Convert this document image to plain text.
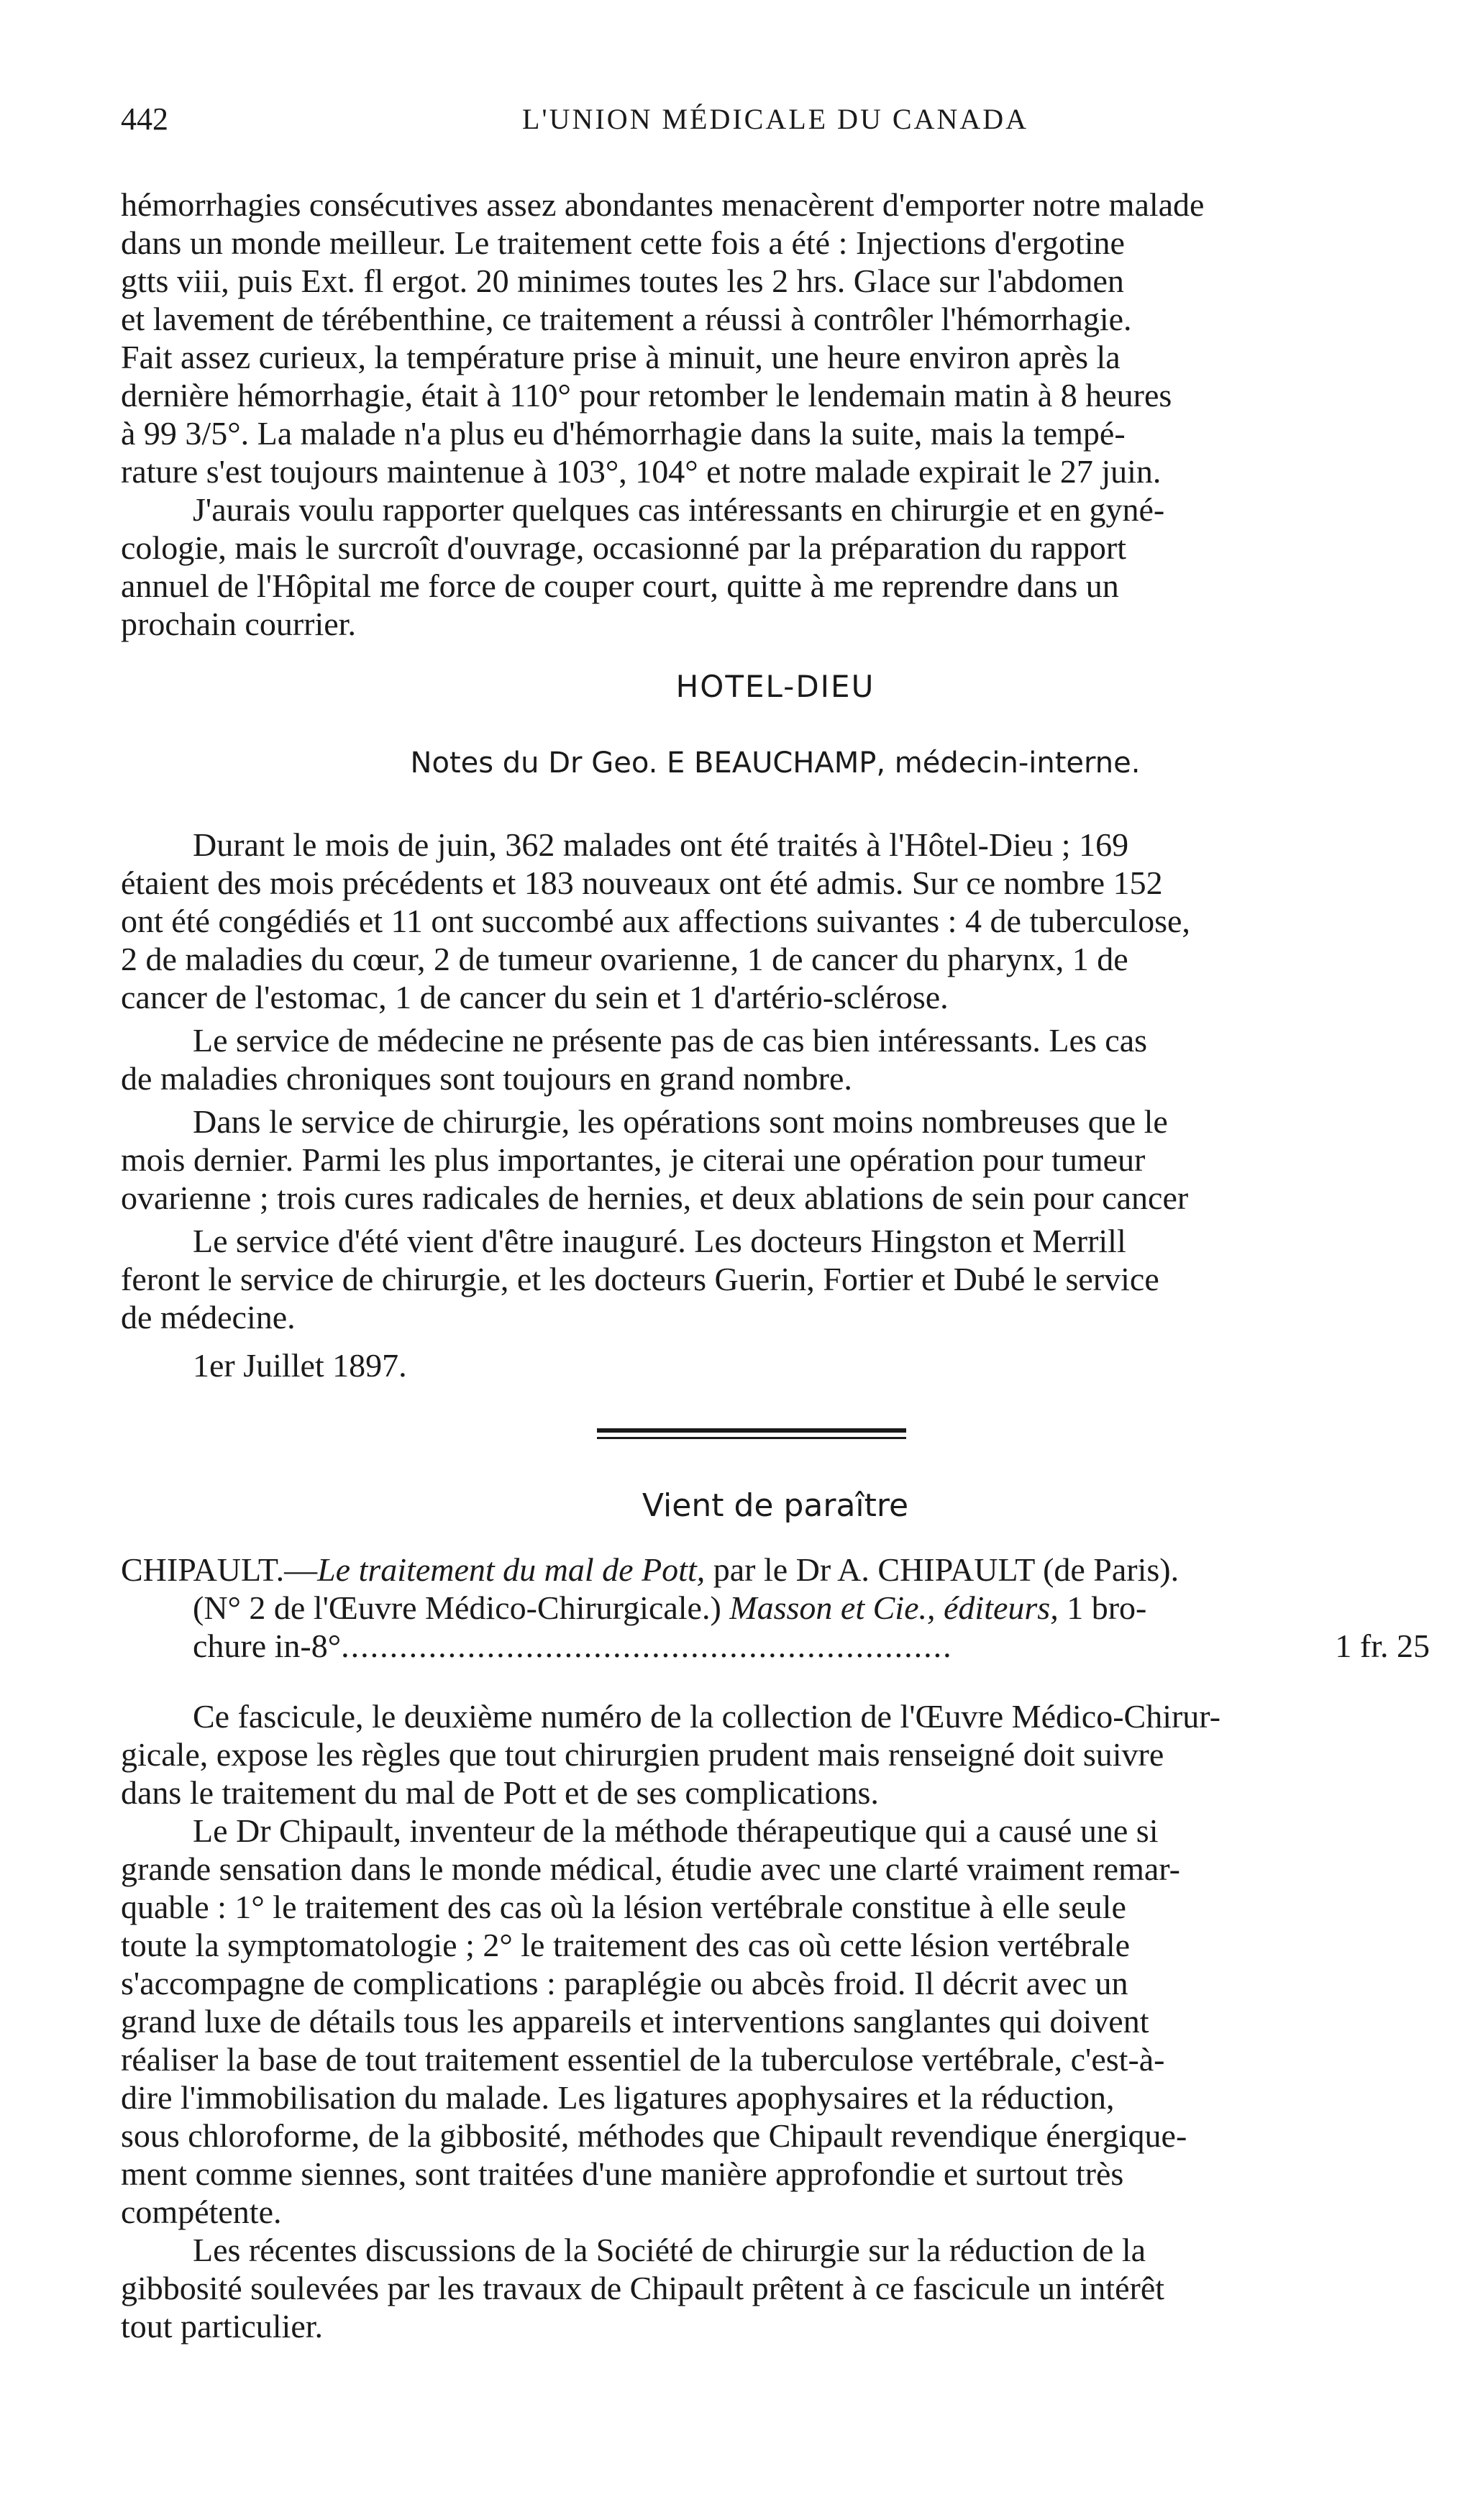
442	L'UNION MÉDICALE DU CANADA
hémorrhagies consécutives assez abondantes menacèrent d'emporter notre malade
dans un monde meilleur. Le traitement cette fois a été : Injections d'ergotine
gtts viii, puis Ext. fl ergot. 20 minimes toutes les 2 hrs. Glace sur l'abdomen
et lavement de térébenthine, ce traitement a réussi à contrôler l'hémorrhagie.
Fait assez curieux, la température prise à minuit, une heure environ après la
dernière hémorrhagie, était à 110° pour retomber le lendemain matin à 8 heures
à 99 3/5°. La malade n'a plus eu d'hémorrhagie dans la suite, mais la tempé-
rature s'est toujours maintenue à 103°, 104° et notre malade expirait le 27 juin.
J'aurais voulu rapporter quelques cas intéressants en chirurgie et en gyné-
cologie, mais le surcroît d'ouvrage, occasionné par la préparation du rapport
annuel de l'Hôpital me force de couper court, quitte à me reprendre dans un
prochain courrier.
HOTEL-DIEU
Notes du Dr Geo. E BEAUCHAMP, médecin-interne.
Durant le mois de juin, 362 malades ont été traités à l'Hôtel-Dieu ; 169
étaient des mois précédents et 183 nouveaux ont été admis. Sur ce nombre 152
ont été congédiés et 11 ont succombé aux affections suivantes : 4 de tuberculose,
2 de maladies du cœur, 2 de tumeur ovarienne, 1 de cancer du pharynx, 1 de
cancer de l'estomac, 1 de cancer du sein et 1 d'artério-sclérose.
Le service de médecine ne présente pas de cas bien intéressants. Les cas
de maladies chroniques sont toujours en grand nombre.
Dans le service de chirurgie, les opérations sont moins nombreuses que le
mois dernier. Parmi les plus importantes, je citerai une opération pour tumeur
ovarienne ; trois cures radicales de hernies, et deux ablations de sein pour cancer
Le service d'été vient d'être inauguré. Les docteurs Hingston et Merrill
feront le service de chirurgie, et les docteurs Guerin, Fortier et Dubé le service
de médecine.
1er Juillet 1897.
Vient de paraître
CHIPAULT.—Le traitement du mal de Pott, par le Dr A. CHIPAULT (de Paris).
(N° 2 de l'Œuvre Médico-Chirurgicale.) Masson et Cie., éditeurs, 1 bro-
chure in-8°...............................................................	1 fr. 25
Ce fascicule, le deuxième numéro de la collection de l'Œuvre Médico-Chirur-
gicale, expose les règles que tout chirurgien prudent mais renseigné doit suivre
dans le traitement du mal de Pott et de ses complications.
Le Dr Chipault, inventeur de la méthode thérapeutique qui a causé une si
grande sensation dans le monde médical, étudie avec une clarté vraiment remar-
quable : 1° le traitement des cas où la lésion vertébrale constitue à elle seule
toute la symptomatologie ; 2° le traitement des cas où cette lésion vertébrale
s'accompagne de complications : paraplégie ou abcès froid. Il décrit avec un
grand luxe de détails tous les appareils et interventions sanglantes qui doivent
réaliser la base de tout traitement essentiel de la tuberculose vertébrale, c'est-à-
dire l'immobilisation du malade. Les ligatures apophysaires et la réduction,
sous chloroforme, de la gibbosité, méthodes que Chipault revendique énergique-
ment comme siennes, sont traitées d'une manière approfondie et surtout très
compétente.
Les récentes discussions de la Société de chirurgie sur la réduction de la
gibbosité soulevées par les travaux de Chipault prêtent à ce fascicule un intérêt
tout particulier.
